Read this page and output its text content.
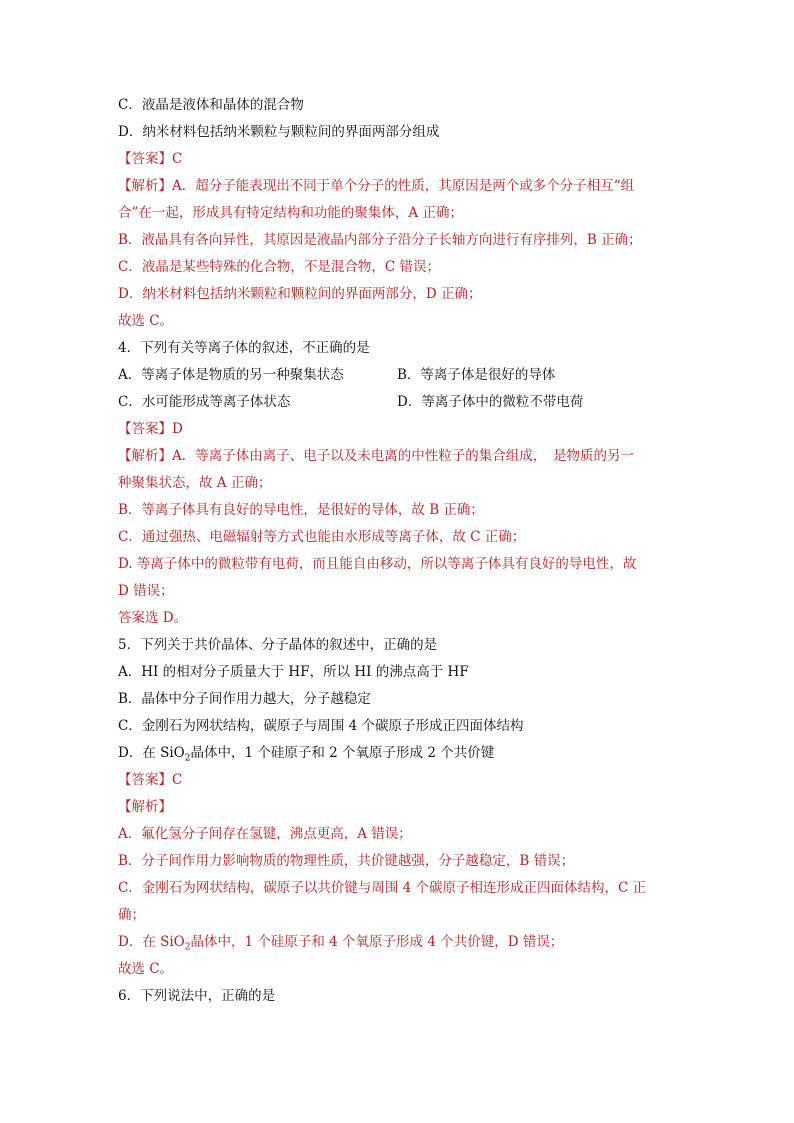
C．液晶是液体和晶体的混合物
D．纳米材料包括纳米颗粒与颗粒间的界面两部分组成
【答案】C
【解析】A．超分子能表现出不同于单个分子的性质，其原因是两个或多个分子相互“组
合”在一起，形成具有特定结构和功能的聚集体，A 正确；
B．液晶具有各向异性，其原因是液晶内部分子沿分子长轴方向进行有序排列，B 正确；
C．液晶是某些特殊的化合物，不是混合物，C 错误；
D．纳米材料包括纳米颗粒和颗粒间的界面两部分，D 正确；
故选 C。
4．下列有关等离子体的叙述，不正确的是
A．等离子体是物质的另一种聚集状态	B．等离子体是很好的导体
C．水可能形成等离子体状态	D．等离子体中的微粒不带电荷
【答案】D
【解析】A．等离子体由离子、电子以及未电离的中性粒子的集合组成，　是物质的另一
种聚集状态，故 A 正确；
B．等离子体具有良好的导电性，是很好的导体，故 B 正确；
C．通过强热、电磁辐射等方式也能由水形成等离子体，故 C 正确；
D. 等离子体中的微粒带有电荷，而且能自由移动，所以等离子体具有良好的导电性，故
D 错误；
答案选 D。
5．下列关于共价晶体、分子晶体的叙述中，正确的是
A．HI 的相对分子质量大于 HF，所以 HI 的沸点高于 HF
B．晶体中分子间作用力越大，分子越稳定
C．金刚石为网状结构，碳原子与周围 4 个碳原子形成正四面体结构
D．在 SiO$_2$晶体中，1 个硅原子和 2 个氧原子形成 2 个共价键
【答案】C
【解析】
A．氟化氢分子间存在氢键，沸点更高，A 错误；
B．分子间作用力影响物质的物理性质，共价键越强，分子越稳定，B 错误；
C．金刚石为网状结构，碳原子以共价键与周围 4 个碳原子相连形成正四面体结构，C 正
确；
D．在 SiO$_2$晶体中，1 个硅原子和 4 个氧原子形成 4 个共价键，D 错误；
故选 C。
6．下列说法中，正确的是
